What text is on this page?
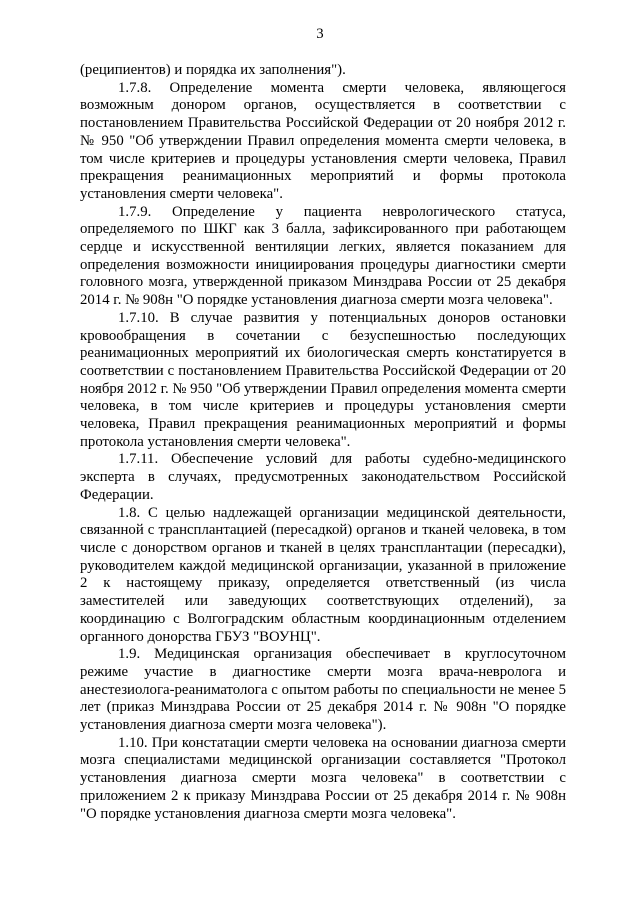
3

(реципиентов) и порядка их заполнения").

1.7.8. Определение момента смерти человека, являющегося возможным донором органов, осуществляется в соответствии с постановлением Правительства Российской Федерации от 20 ноября 2012 г. № 950 "Об утверждении Правил определения момента смерти человека, в том числе критериев и процедуры установления смерти человека, Правил прекращения реанимационных мероприятий и формы протокола установления смерти человека".

1.7.9. Определение у пациента неврологического статуса, определяемого по ШКГ как 3 балла, зафиксированного при работающем сердце и искусственной вентиляции легких, является показанием для определения возможности инициирования процедуры диагностики смерти головного мозга, утвержденной приказом Минздрава России от 25 декабря 2014 г. № 908н "О порядке установления диагноза смерти мозга человека".

1.7.10. В случае развития у потенциальных доноров остановки кровообращения в сочетании с безуспешностью последующих реанимационных мероприятий их биологическая смерть констатируется в соответствии с постановлением Правительства Российской Федерации от 20 ноября 2012 г. № 950 "Об утверждении Правил определения момента смерти человека, в том числе критериев и процедуры установления смерти человека, Правил прекращения реанимационных мероприятий и формы протокола установления смерти человека".

1.7.11. Обеспечение условий для работы судебно-медицинского эксперта в случаях, предусмотренных законодательством Российской Федерации.

1.8. С целью надлежащей организации медицинской деятельности, связанной с трансплантацией (пересадкой) органов и тканей человека, в том числе с донорством органов и тканей в целях трансплантации (пересадки), руководителем каждой медицинской организации, указанной в приложение 2 к настоящему приказу, определяется ответственный (из числа заместителей или заведующих соответствующих отделений), за координацию с Волгоградским областным координационным отделением органного донорства ГБУЗ "ВОУНЦ".

1.9. Медицинская организация обеспечивает в круглосуточном режиме участие в диагностике смерти мозга врача-невролога и анестезиолога-реаниматолога с опытом работы по специальности не менее 5 лет (приказ Минздрава России от 25 декабря 2014 г. № 908н "О порядке установления диагноза смерти мозга человека").

1.10. При констатации смерти человека на основании диагноза смерти мозга специалистами медицинской организации составляется "Протокол установления диагноза смерти мозга человека" в соответствии с приложением 2 к приказу Минздрава России от 25 декабря 2014 г. № 908н "О порядке установления диагноза смерти мозга человека".
